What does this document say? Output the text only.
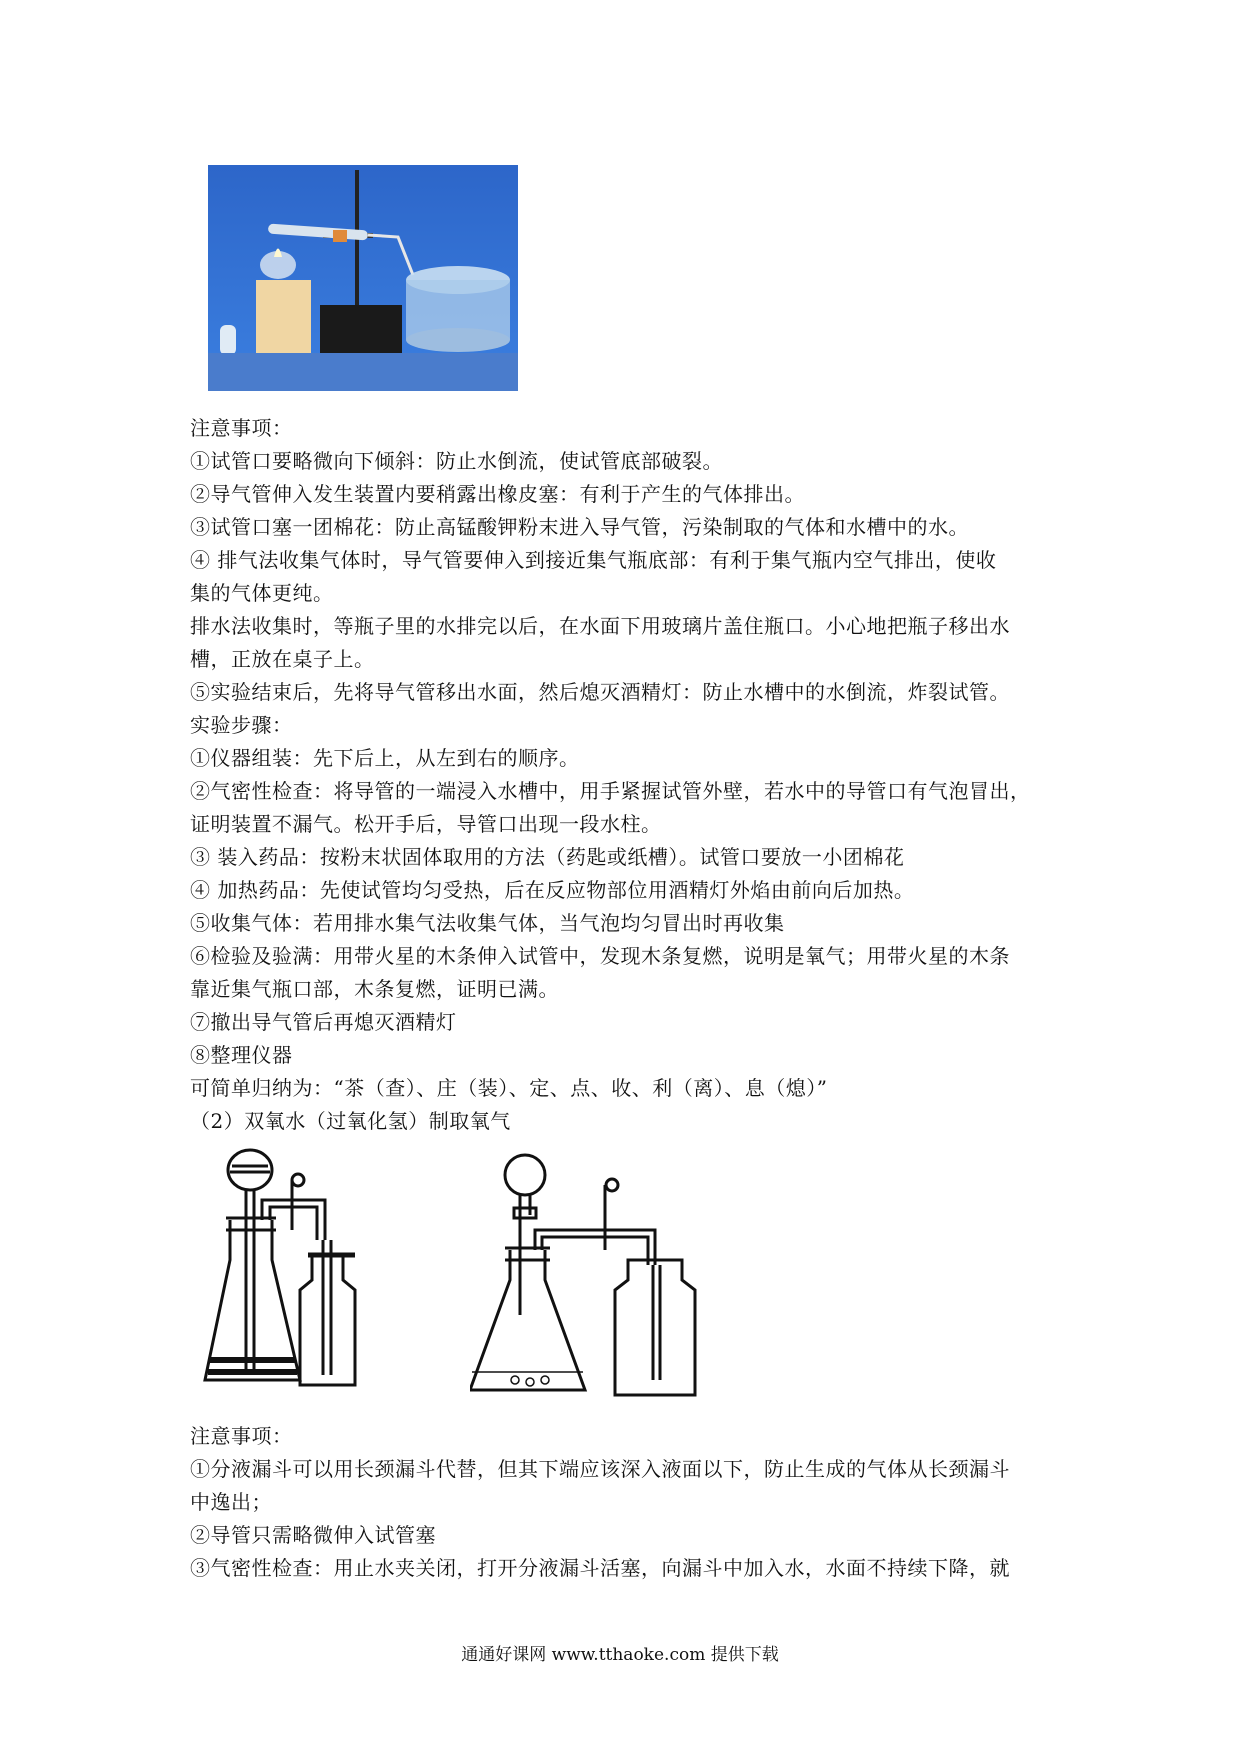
注意事项：
①试管口要略微向下倾斜：防止水倒流，使试管底部破裂。
②导气管伸入发生装置内要稍露出橡皮塞：有利于产生的气体排出。
③试管口塞一团棉花：防止高锰酸钾粉末进入导气管，污染制取的气体和水槽中的水。
④ 排气法收集气体时，导气管要伸入到接近集气瓶底部：有利于集气瓶内空气排出，使收
集的气体更纯。
排水法收集时，等瓶子里的水排完以后，在水面下用玻璃片盖住瓶口。小心地把瓶子移出水
槽，正放在桌子上。
⑤实验结束后，先将导气管移出水面，然后熄灭酒精灯：防止水槽中的水倒流，炸裂试管。
实验步骤：
①仪器组装：先下后上，从左到右的顺序。
②气密性检查：将导管的一端浸入水槽中，用手紧握试管外壁，若水中的导管口有气泡冒出，
证明装置不漏气。松开手后，导管口出现一段水柱。
③ 装入药品：按粉末状固体取用的方法（药匙或纸槽）。试管口要放一小团棉花
④ 加热药品：先使试管均匀受热，后在反应物部位用酒精灯外焰由前向后加热。
⑤收集气体：若用排水集气法收集气体，当气泡均匀冒出时再收集
⑥检验及验满：用带火星的木条伸入试管中，发现木条复燃，说明是氧气；用带火星的木条
靠近集气瓶口部，木条复燃，证明已满。
⑦撤出导气管后再熄灭酒精灯
⑧整理仪器
可简单归纳为：“茶（查）、庄（装）、定、点、收、利（离）、息（熄）”
（2）双氧水（过氧化氢）制取氧气
注意事项：
①分液漏斗可以用长颈漏斗代替，但其下端应该深入液面以下，防止生成的气体从长颈漏斗
中逸出；
②导管只需略微伸入试管塞
③气密性检查：用止水夹关闭，打开分液漏斗活塞，向漏斗中加入水，水面不持续下降，就
通通好课网 www.tthaoke.com 提供下载
